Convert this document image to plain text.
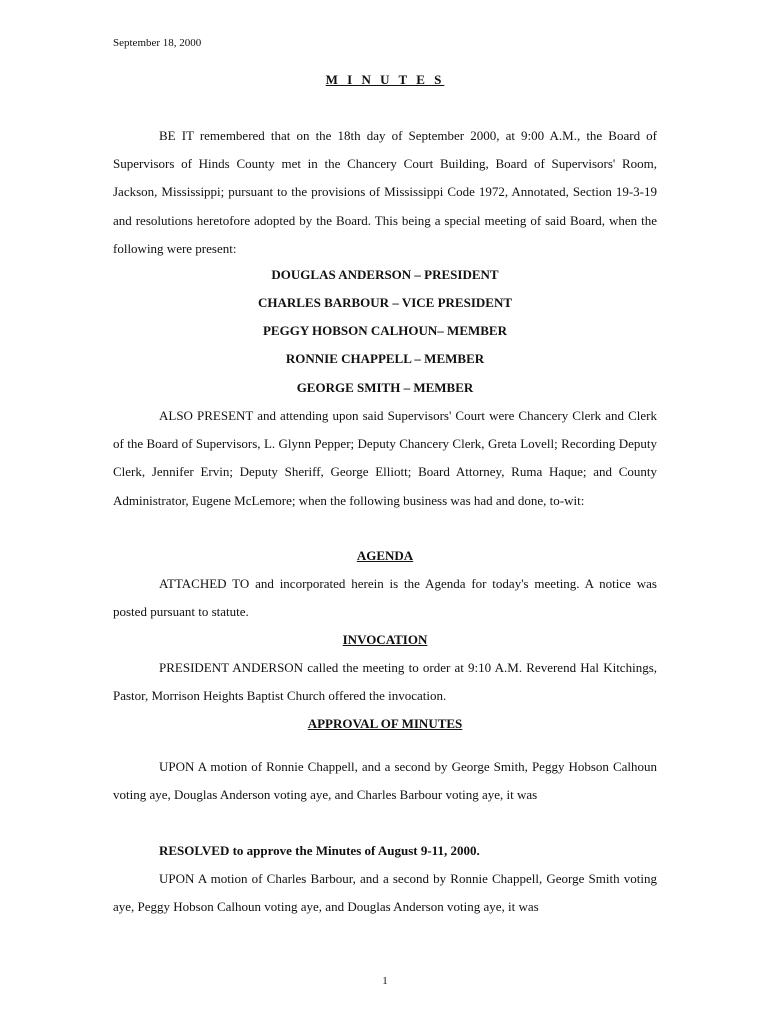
September 18, 2000
M I N U T E S

BE IT remembered that on the 18th day of September 2000, at 9:00 A.M., the Board of Supervisors of Hinds County met in the Chancery Court Building, Board of Supervisors' Room, Jackson, Mississippi; pursuant to the provisions of Mississippi Code 1972, Annotated, Section 19-3-19 and resolutions heretofore adopted by the Board. This being a special meeting of said Board, when the following were present:

DOUGLAS ANDERSON – PRESIDENT
CHARLES BARBOUR – VICE PRESIDENT
PEGGY HOBSON CALHOUN– MEMBER
RONNIE CHAPPELL – MEMBER
GEORGE SMITH – MEMBER

ALSO PRESENT and attending upon said Supervisors' Court were Chancery Clerk and Clerk of the Board of Supervisors, L. Glynn Pepper; Deputy Chancery Clerk, Greta Lovell; Recording Deputy Clerk, Jennifer Ervin; Deputy Sheriff, George Elliott; Board Attorney, Ruma Haque; and County Administrator, Eugene McLemore; when the following business was had and done, to-wit:

AGENDA

ATTACHED TO and incorporated herein is the Agenda for today's meeting. A notice was posted pursuant to statute.

INVOCATION

PRESIDENT ANDERSON called the meeting to order at 9:10 A.M. Reverend Hal Kitchings, Pastor, Morrison Heights Baptist Church offered the invocation.

APPROVAL OF MINUTES

UPON A motion of Ronnie Chappell, and a second by George Smith, Peggy Hobson Calhoun voting aye, Douglas Anderson voting aye, and Charles Barbour voting aye, it was

RESOLVED to approve the Minutes of August 9-11, 2000.

UPON A motion of Charles Barbour, and a second by Ronnie Chappell, George Smith voting aye, Peggy Hobson Calhoun voting aye, and Douglas Anderson voting aye, it was

1
